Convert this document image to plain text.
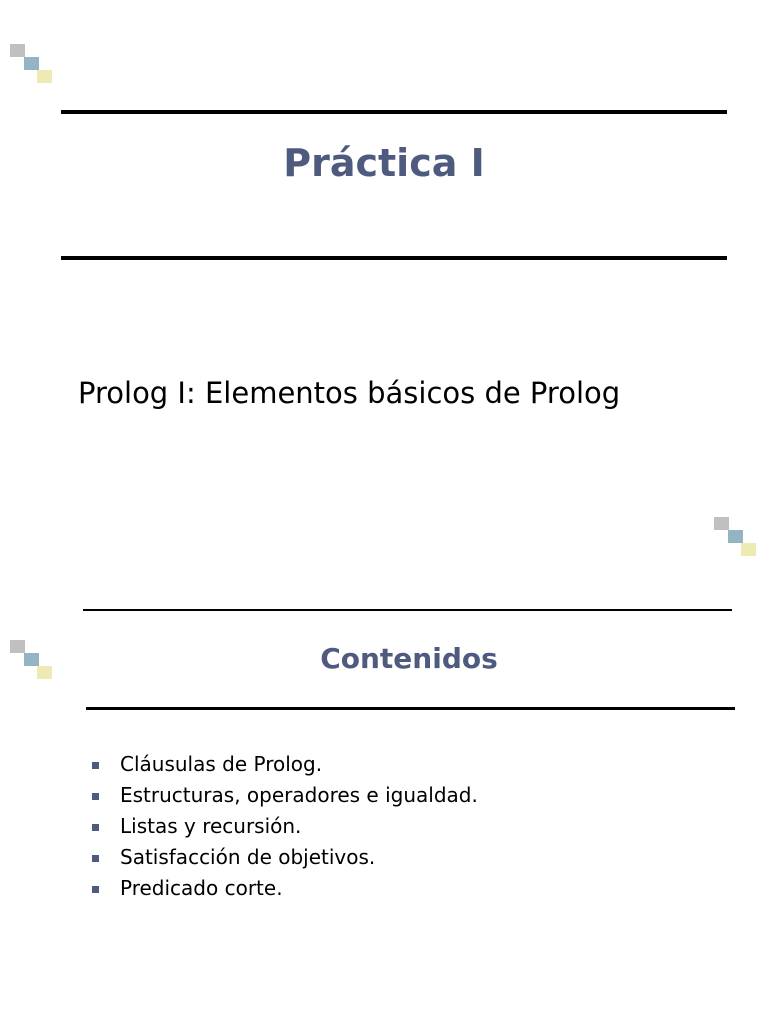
Práctica I
Prolog I: Elementos básicos de Prolog
Contenidos
Cláusulas de Prolog.
Estructuras, operadores e igualdad.
Listas y recursión.
Satisfacción de objetivos.
Predicado corte.
